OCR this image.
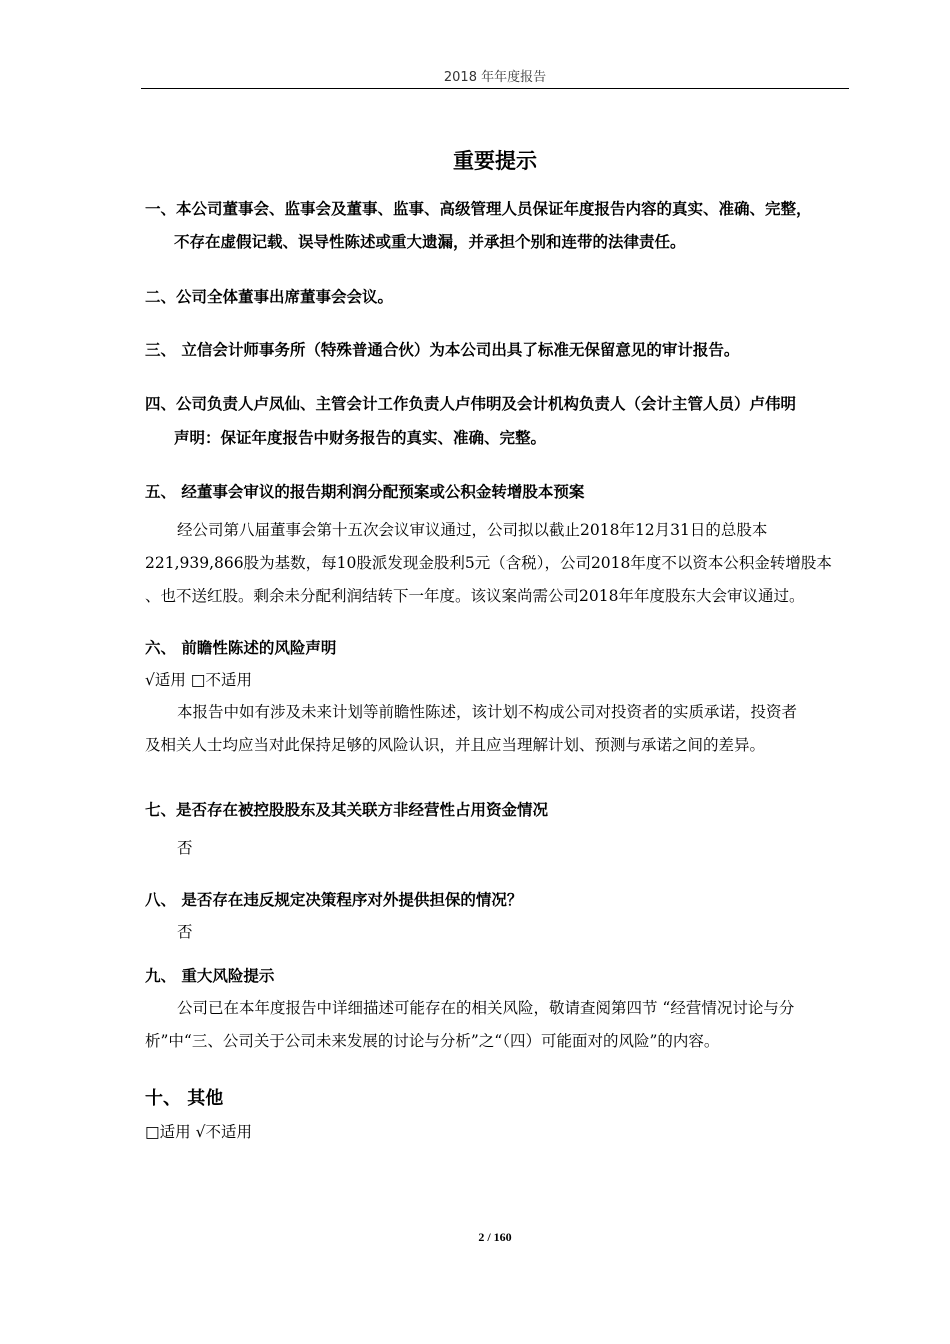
2018 年年度报告
重要提示
一、本公司董事会、监事会及董事、监事、高级管理人员保证年度报告内容的真实、准确、完整，
不存在虚假记载、误导性陈述或重大遗漏，并承担个别和连带的法律责任。
二、公司全体董事出席董事会会议。
三、 立信会计师事务所（特殊普通合伙）为本公司出具了标准无保留意见的审计报告。
四、公司负责人卢凤仙、主管会计工作负责人卢伟明及会计机构负责人（会计主管人员）卢伟明
声明：保证年度报告中财务报告的真实、准确、完整。
五、 经董事会审议的报告期利润分配预案或公积金转增股本预案
经公司第八届董事会第十五次会议审议通过，公司拟以截止2018年12月31日的总股本
221,939,866股为基数，每10股派发现金股利5元（含税），公司2018年度不以资本公积金转增股本
、也不送红股。剩余未分配利润结转下一年度。该议案尚需公司2018年年度股东大会审议通过。
六、 前瞻性陈述的风险声明
√适用 □不适用
本报告中如有涉及未来计划等前瞻性陈述，该计划不构成公司对投资者的实质承诺，投资者
及相关人士均应当对此保持足够的风险认识，并且应当理解计划、预测与承诺之间的差异。
七、是否存在被控股股东及其关联方非经营性占用资金情况
否
八、 是否存在违反规定决策程序对外提供担保的情况？
否
九、 重大风险提示
公司已在本年度报告中详细描述可能存在的相关风险，敬请查阅第四节 “经营情况讨论与分
析”中“三、公司关于公司未来发展的讨论与分析”之“（四）可能面对的风险”的内容。
十、 其他
□适用 √不适用
2 / 160
